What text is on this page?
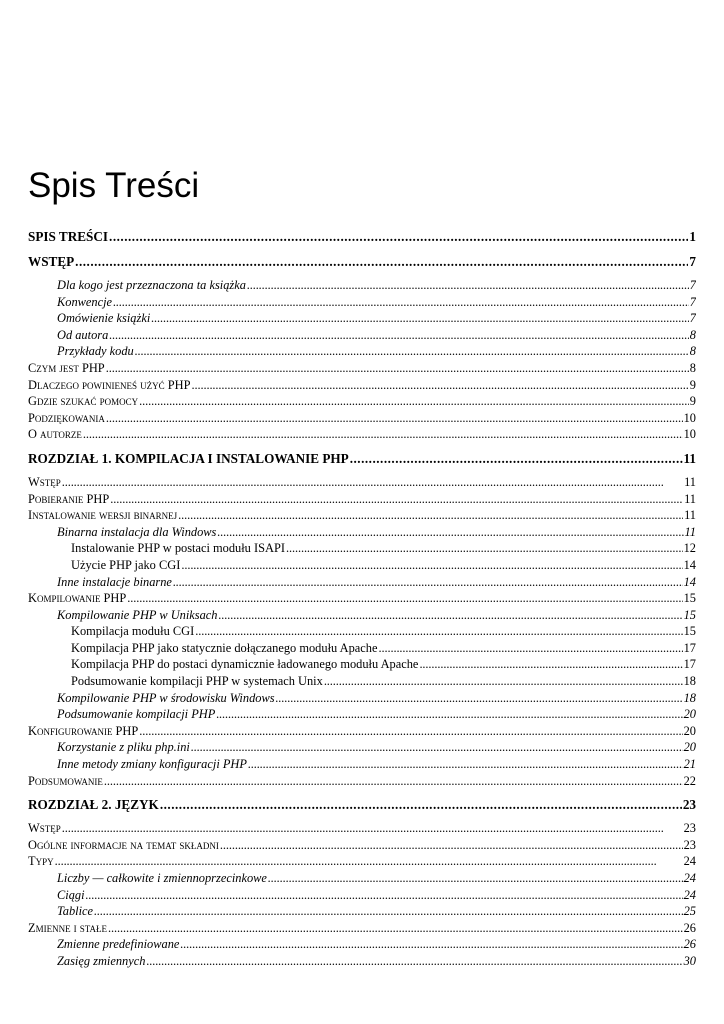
Spis Treści
SPIS TREŚCI . . .	1
WSTĘP . . .	7
Dla kogo jest przeznaczona ta książka . . .	7
Konwencje . . .	7
Omówienie książki . . .	7
Od autora . . .	8
Przykłady kodu . . .	8
Czym jest PHP . . .	8
Dlaczego powinieneś użyć PHP . . .	9
Gdzie szukać pomocy . . .	9
Podziękowania . . .	10
O autorze . . .	10
ROZDZIAŁ 1. KOMPILACJA I INSTALOWANIE PHP . . .	11
Wstęp . . .	11
Pobieranie PHP . . .	11
Instalowanie wersji binarnej . . .	11
Binarna instalacja dla Windows . . .	11
Instalowanie PHP w postaci modułu ISAPI . . .	12
Użycie PHP jako CGI . . .	14
Inne instalacje binarne . . .	14
Kompilowanie PHP . . .	15
Kompilowanie PHP w Uniksach . . .	15
Kompilacja modułu CGI . . .	15
Kompilacja PHP jako statycznie dołączanego modułu Apache . . .	17
Kompilacja PHP do postaci dynamicznie ładowanego modułu Apache . . .	17
Podsumowanie kompilacji PHP w systemach Unix . . .	18
Kompilowanie PHP w środowisku Windows . . .	18
Podsumowanie kompilacji PHP . . .	20
Konfigurowanie PHP . . .	20
Korzystanie z pliku php.ini . . .	20
Inne metody zmiany konfiguracji PHP . . .	21
Podsumowanie . . .	22
ROZDZIAŁ 2. JĘZYK . . .	23
Wstęp . . .	23
Ogólne informacje na temat składni . . .	23
Typy . . .	24
Liczby — całkowite i zmiennoprzecinkowe . . .	24
Ciągi . . .	24
Tablice . . .	25
Zmienne i stałe . . .	26
Zmienne predefiniowane . . .	26
Zasięg zmiennych . . .	30
